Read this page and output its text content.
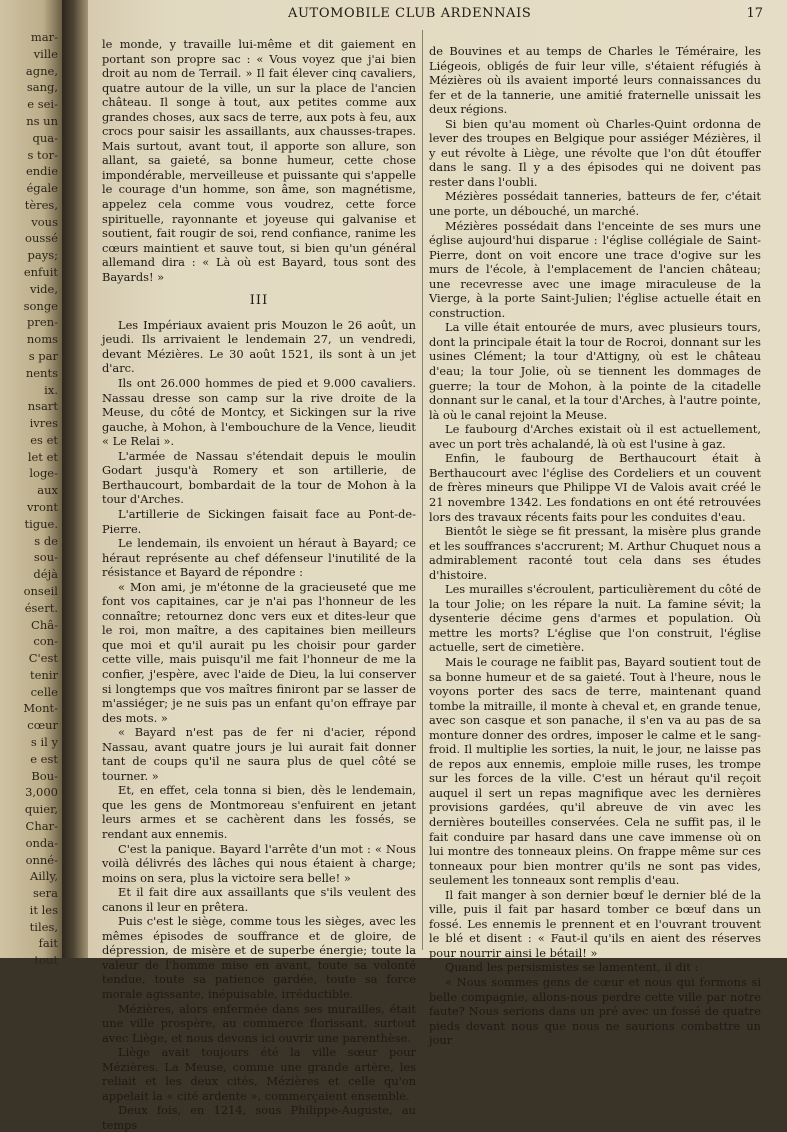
mar-
ville
agne,
sang,
e sei-
ns un
qua-
s tor-
endie
égale
tères,
vous
oussé
pays;
enfuit
vide,
songe
pren-
noms
s par
nents
ix.
nsart
ivres
es et
let et
loge-
aux
vront
tigue.
s de
sou-
déjà
onseil
ésert.
Châ-
con-
C'est
tenir
celle
Mont-
cœur
s il y
e est
Bou-
3,000
quier,
Char-
onda-
onné-
Ailly,
sera
it les
tiles,
fait
tout
AUTOMOBILE CLUB ARDENNAIS	17

le monde, y travaille lui-même et dit gaiement en portant son propre sac : « Vous voyez que j'ai bien droit au nom de Terrail. » Il fait élever cinq cavaliers, quatre autour de la ville, un sur la place de l'ancien château. Il songe à tout, aux petites comme aux grandes choses, aux sacs de terre, aux pots à feu, aux crocs pour saisir les assaillants, aux chausses-trapes. Mais surtout, avant tout, il apporte son allure, son allant, sa gaieté, sa bonne humeur, cette chose impondérable, merveilleuse et puissante qui s'appelle le courage d'un homme, son âme, son magnétisme, appelez cela comme vous voudrez, cette force spirituelle, rayonnante et joyeuse qui galvanise et soutient, fait rougir de soi, rend confiance, ranime les cœurs maintient et sauve tout, si bien qu'un général allemand dira : « Là où est Bayard, tous sont des Bayards! »

III

Les Impériaux avaient pris Mouzon le 26 août, un jeudi. Ils arrivaient le lendemain 27, un vendredi, devant Mézières. Le 30 août 1521, ils sont à un jet d'arc.

Ils ont 26.000 hommes de pied et 9.000 cavaliers. Nassau dresse son camp sur la rive droite de la Meuse, du côté de Montcy, et Sickingen sur la rive gauche, à Mohon, à l'embouchure de la Vence, lieudit « Le Relai ».

L'armée de Nassau s'étendait depuis le moulin Godart jusqu'à Romery et son artillerie, de Berthaucourt, bombardait de la tour de Mohon à la tour d'Arches.

L'artillerie de Sickingen faisait face au Pont-de-Pierre.

Le lendemain, ils envoient un héraut à Bayard; ce héraut représente au chef défenseur l'inutilité de la résistance et Bayard de répondre :

« Mon ami, je m'étonne de la gracieuseté que me font vos capitaines, car je n'ai pas l'honneur de les connaître; retournez donc vers eux et dites-leur que le roi, mon maître, a des capitaines bien meilleurs que moi et qu'il aurait pu les choisir pour garder cette ville, mais puisqu'il me fait l'honneur de me la confier, j'espère, avec l'aide de Dieu, la lui conserver si longtemps que vos maîtres finiront par se lasser de m'assiéger; je ne suis pas un enfant qu'on effraye par des mots. »

« Bayard n'est pas de fer ni d'acier, répond Nassau, avant quatre jours je lui aurait fait donner tant de coups qu'il ne saura plus de quel côté se tourner. »

Et, en effet, cela tonna si bien, dès le lendemain, que les gens de Montmoreau s'enfuirent en jetant leurs armes et se cachèrent dans les fossés, se rendant aux ennemis.

C'est la panique. Bayard l'arrête d'un mot : « Nous voilà délivrés des lâches qui nous étaient à charge; moins on sera, plus la victoire sera belle! »

Et il fait dire aux assaillants que s'ils veulent des canons il leur en prêtera.

Puis c'est le siège, comme tous les sièges, avec les mêmes épisodes de souffrance et de gloire, de dépression, de misère et de superbe énergie; toute la valeur de l'homme mise en avant, toute sa volonté tendue, toute sa patience gardée, toute sa force morale agissante, inépuisable, irréductible.

Mézières, alors enfermée dans ses murailles, était une ville prospère, au commerce florissant, surtout avec Liège, et nous devons ici ouvrir une parenthèse.

Liège avait toujours été la ville sœur pour Mézières. La Meuse, comme une grande artère, les reliait et les deux cités, Mézières et celle qu'on appelait la « cité ardente », commerçaient ensemble.

Deux fois, en 1214, sous Philippe-Auguste, au temps

de Bouvines et au temps de Charles le Téméraire, les Liégeois, obligés de fuir leur ville, s'étaient réfugiés à Mézières où ils avaient importé leurs connaissances du fer et de la tannerie, une amitié fraternelle unissait les deux régions.

Si bien qu'au moment où Charles-Quint ordonna de lever des troupes en Belgique pour assiéger Mézières, il y eut révolte à Liège, une révolte que l'on dût étouffer dans le sang. Il y a des épisodes qui ne doivent pas rester dans l'oubli.

Mézières possédait tanneries, batteurs de fer, c'était une porte, un débouché, un marché.

Mézières possédait dans l'enceinte de ses murs une église aujourd'hui disparue : l'église collégiale de Saint-Pierre, dont on voit encore une trace d'ogive sur les murs de l'école, à l'emplacement de l'ancien château; une recevresse avec une image miraculeuse de la Vierge, à la porte Saint-Julien; l'église actuelle était en construction.

La ville était entourée de murs, avec plusieurs tours, dont la principale était la tour de Rocroi, donnant sur les usines Clément; la tour d'Attigny, où est le château d'eau; la tour Jolie, où se tiennent les dommages de guerre; la tour de Mohon, à la pointe de la citadelle donnant sur le canal, et la tour d'Arches, à l'autre pointe, là où le canal rejoint la Meuse.

Le faubourg d'Arches existait où il est actuellement, avec un port très achalandé, là où est l'usine à gaz.

Enfin, le faubourg de Berthaucourt était à Berthaucourt avec l'église des Cordeliers et un couvent de frères mineurs que Philippe VI de Valois avait créé le 21 novembre 1342. Les fondations en ont été retrouvées lors des travaux récents faits pour les conduites d'eau.

Bientôt le siège se fit pressant, la misère plus grande et les souffrances s'accrurent; M. Arthur Chuquet nous a admirablement raconté tout cela dans ses études d'histoire.

Les murailles s'écroulent, particulièrement du côté de la tour Jolie; on les répare la nuit. La famine sévit; la dysenterie décime gens d'armes et population. Où mettre les morts? L'église que l'on construit, l'église actuelle, sert de cimetière.

Mais le courage ne faiblit pas, Bayard soutient tout de sa bonne humeur et de sa gaieté. Tout à l'heure, nous le voyons porter des sacs de terre, maintenant quand tombe la mitraille, il monte à cheval et, en grande tenue, avec son casque et son panache, il s'en va au pas de sa monture donner des ordres, imposer le calme et le sang-froid. Il multiplie les sorties, la nuit, le jour, ne laisse pas de repos aux ennemis, emploie mille ruses, les trompe sur les forces de la ville. C'est un héraut qu'il reçoit auquel il sert un repas magnifique avec les dernières provisions gardées, qu'il abreuve de vin avec les dernières bouteilles conservées. Cela ne suffit pas, il le fait conduire par hasard dans une cave immense où on lui montre des tonneaux pleins. On frappe même sur ces tonneaux pour bien montrer qu'ils ne sont pas vides, seulement les tonneaux sont remplis d'eau.

Il fait manger à son dernier bœuf le dernier blé de la ville, puis il fait par hasard tomber ce bœuf dans un fossé. Les ennemis le prennent et en l'ouvrant trouvent le blé et disent : « Faut-il qu'ils en aient des réserves pour nourrir ainsi le bétail! »

Quand les persismistes se lamentent, il dit :

« Nous sommes gens de cœur et nous qui formons si belle compagnie, allons-nous perdre cette ville par notre faute? Nous serions dans un pré avec un fossé de quatre pieds devant nous que nous ne saurions combattre un jour
